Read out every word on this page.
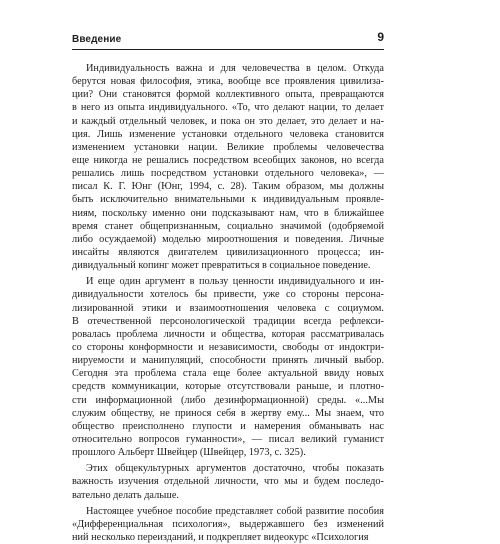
Введение	9
Индивидуальность важна и для человечества в целом. Откуда
берутся новая философия, этика, вообще все проявления цивилиза-
ции? Они становятся формой коллективного опыта, превращаются
в него из опыта индивидуального. «То, что делают нации, то делает
и каждый отдельный человек, и пока он это делает, это делает и на-
ция. Лишь изменение установки отдельного человека становится
изменением установки нации. Великие проблемы человечества
еще никогда не решались посредством всеобщих законов, но всегда
решались лишь посредством установки отдельного человека», —
писал К. Г. Юнг (Юнг, 1994, с. 28). Таким образом, мы должны
быть исключительно внимательными к индивидуальным проявле-
ниям, поскольку именно они подсказывают нам, что в ближайшее
время станет общепризнанным, социально значимой (одобряемой
либо осуждаемой) моделью мироотношения и поведения. Личные
инсайты являются двигателем цивилизационного процесса; ин-
дивидуальный копинг может превратиться в социальное поведение.
И еще один аргумент в пользу ценности индивидуального и ин-
дивидуальности хотелось бы привести, уже со стороны персона-
лизированной этики и взаимоотношения человека с социумом.
В отечественной персонологической традиции всегда рефлекси-
ровалась проблема личности и общества, которая рассматривалась
со стороны конформности и независимости, свободы от индоктри-
нируемости и манипуляций, способности принять личный выбор.
Сегодня эта проблема стала еще более актуальной ввиду новых
средств коммуникации, которые отсутствовали раньше, и плотно-
сти информационной (либо дезинформационной) среды. «...Мы
служим обществу, не принося себя в жертву ему... Мы знаем, что
общество преисполнено глупости и намерения обманывать нас
относительно вопросов гуманности», — писал великий гуманист
прошлого Альберт Швейцер (Швейцер, 1973, с. 325).
Этих общекультурных аргументов достаточно, чтобы показать
важность изучения отдельной личности, что мы и будем последо-
вательно делать дальше.
Настоящее учебное пособие представляет собой развитие пособия
«Дифференциальная психология», выдержавшего без изменений
ний несколько переизданий, и подкрепляет видеокурс «Психология
